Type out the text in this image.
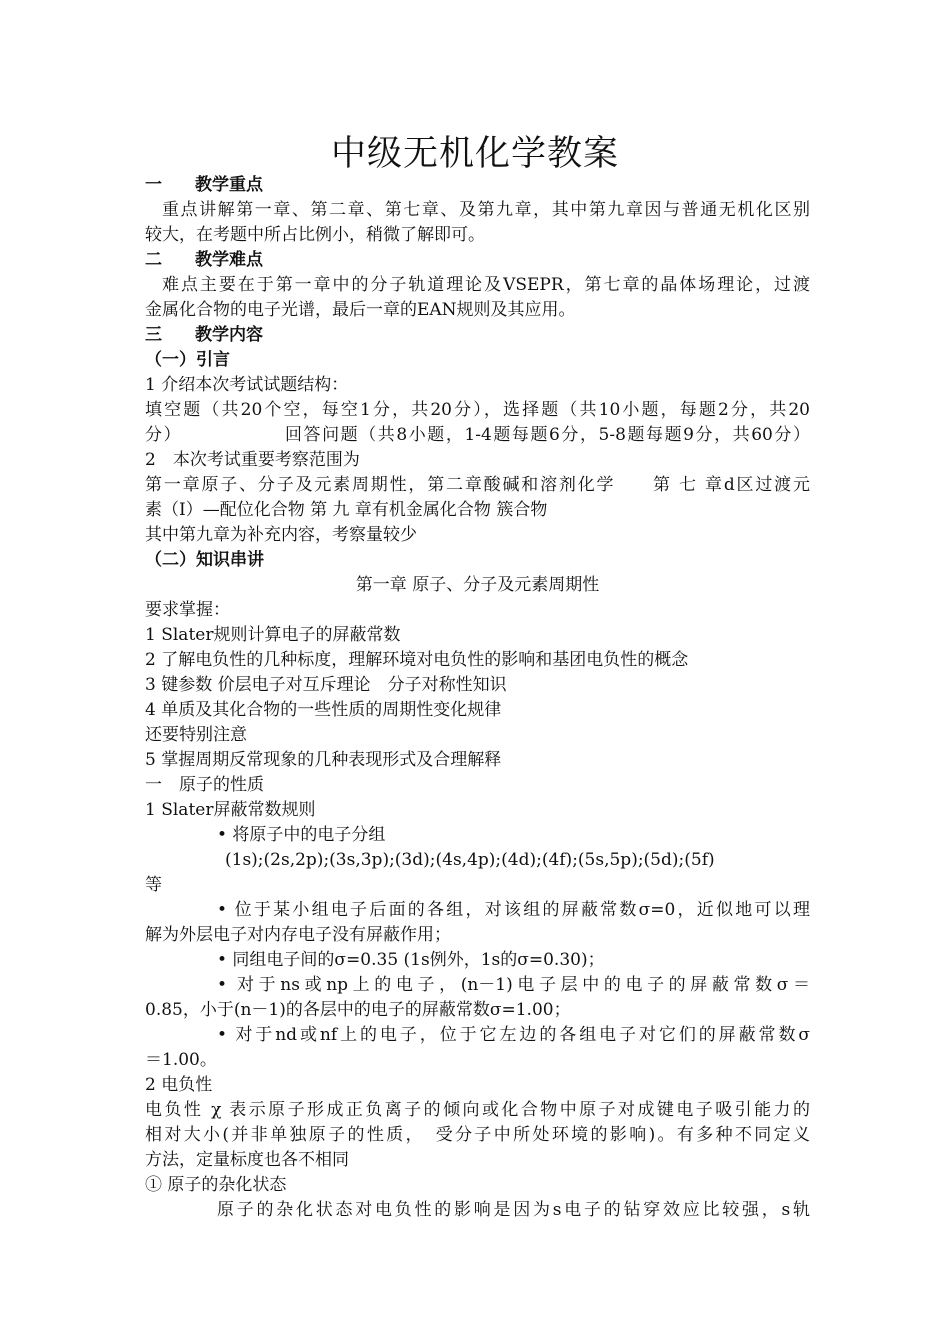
中级无机化学教案
一 教学重点
重点讲解第一章、第二章、第七章、及第九章，其中第九章因与普通无机化区别
较大，在考题中所占比例小，稍微了解即可。
二 教学难点
难点主要在于第一章中的分子轨道理论及VSEPR，第七章的晶体场理论，过渡
金属化合物的电子光谱，最后一章的EAN规则及其应用。
三 教学内容
（一）引言
1 介绍本次考试试题结构：
填空题（共20个空，每空1分，共20分），选择题（共10小题，每题2分，共20
分）　　　　　　回答问题（共8小题，1-4题每题6分，5-8题每题9分，共60分）
2　本次考试重要考察范围为
第一章原子、分子及元素周期性，第二章酸碱和溶剂化学　　第 七 章d区过渡元
素（I）—配位化合物 第 九 章有机金属化合物 簇合物
其中第九章为补充内容，考察量较少
（二）知识串讲
第一章 原子、分子及元素周期性
要求掌握：
1 Slater规则计算电子的屏蔽常数
2 了解电负性的几种标度，理解环境对电负性的影响和基团电负性的概念
3 键参数 价层电子对互斥理论　分子对称性知识
4 单质及其化合物的一些性质的周期性变化规律
还要特别注意
5 掌握周期反常现象的几种表现形式及合理解释
一　原子的性质
1 Slater屏蔽常数规则
• 将原子中的电子分组
(1s);(2s,2p);(3s,3p);(3d);(4s,4p);(4d);(4f);(5s,5p);(5d);(5f)
等
• 位于某小组电子后面的各组，对该组的屏蔽常数σ=0，近似地可以理
解为外层电子对内存电子没有屏蔽作用；
• 同组电子间的σ=0.35 (1s例外，1s的σ=0.30)；
• 对于ns或np上的电子，(n－1)电子层中的电子的屏蔽常数σ＝
0.85，小于(n－1)的各层中的电子的屏蔽常数σ=1.00；
• 对于nd或nf上的电子，位于它左边的各组电子对它们的屏蔽常数σ
＝1.00。
2 电负性
电负性 χ 表示原子形成正负离子的倾向或化合物中原子对成键电子吸引能力的
相对大小(并非单独原子的性质，　受分子中所处环境的影响)。有多种不同定义
方法，定量标度也各不相同
① 原子的杂化状态
原子的杂化状态对电负性的影响是因为s电子的钻穿效应比较强，s轨
